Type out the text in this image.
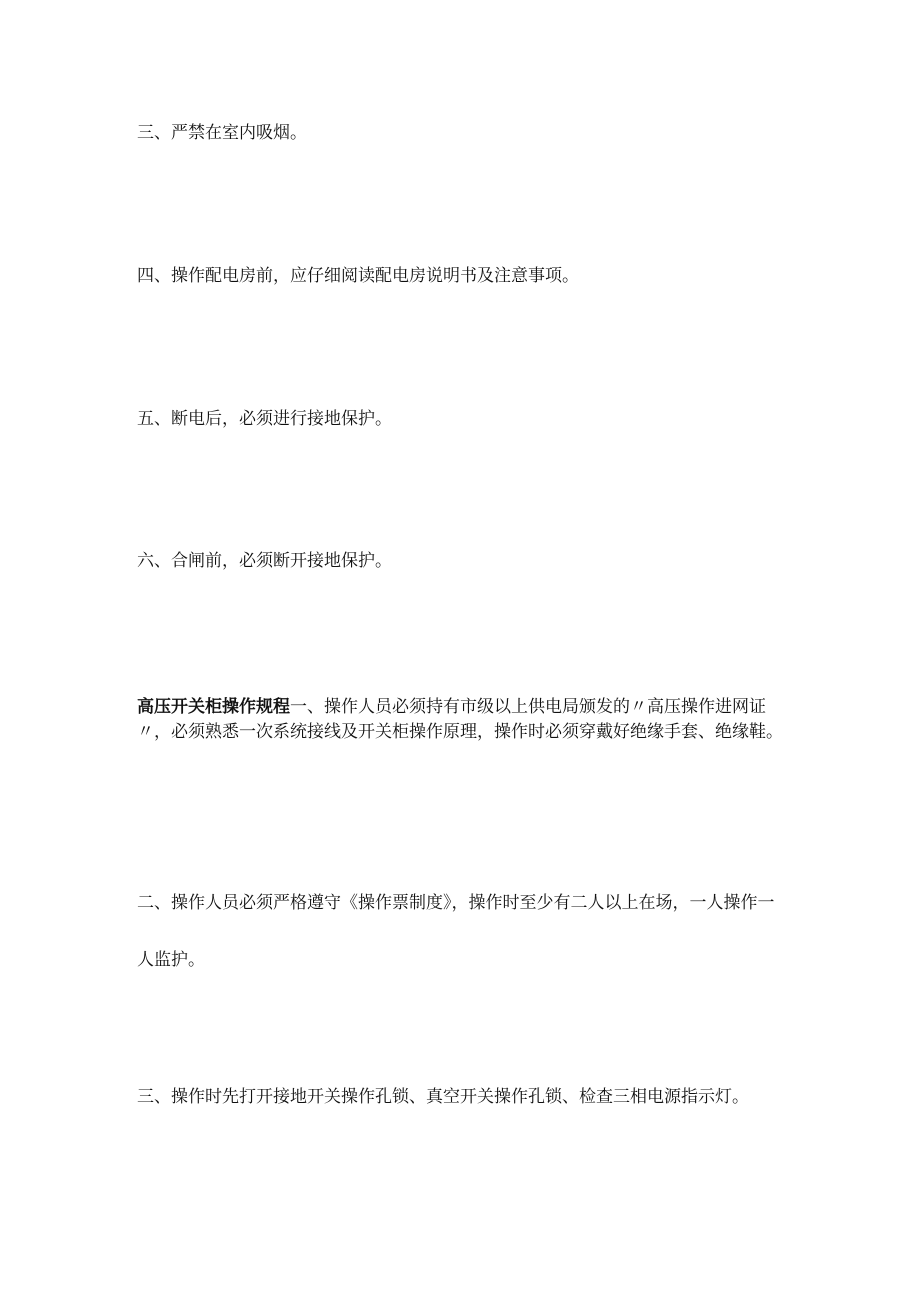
三、严禁在室内吸烟。

四、操作配电房前，应仔细阅读配电房说明书及注意事项。

五、断电后，必须进行接地保护。

六、合闸前，必须断开接地保护。

高压开关柜操作规程一、操作人员必须持有市级以上供电局颁发的〃高压操作进网证〃，必须熟悉一次系统接线及开关柜操作原理，操作时必须穿戴好绝缘手套、绝缘鞋。

二、操作人员必须严格遵守《操作票制度》，操作时至少有二人以上在场，一人操作一人监护。

三、操作时先打开接地开关操作孔锁、真空开关操作孔锁、检查三相电源指示灯。
